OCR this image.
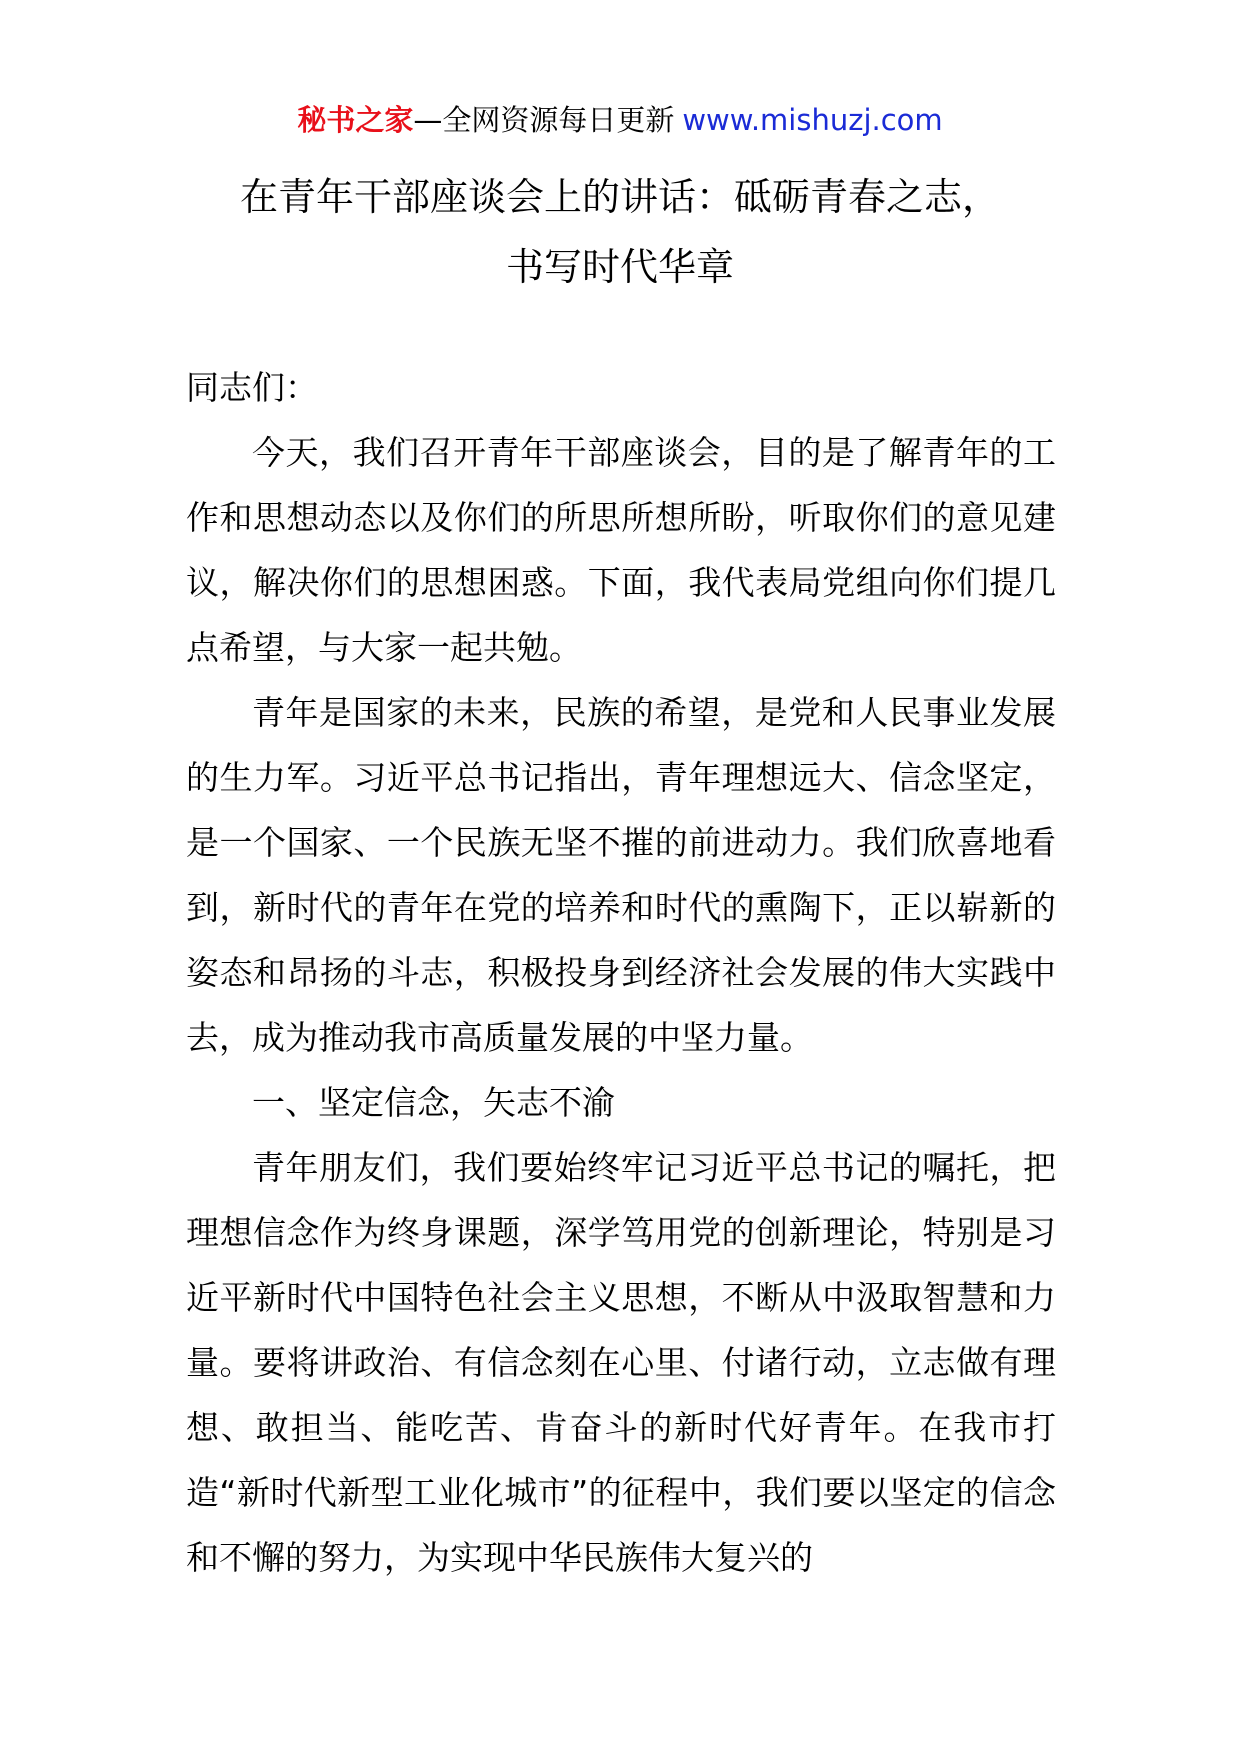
秘书之家—全网资源每日更新 www.mishuzj.com
在青年干部座谈会上的讲话：砥砺青春之志，
书写时代华章

同志们：

今天，我们召开青年干部座谈会，目的是了解青年的工作和思想动态以及你们的所思所想所盼，听取你们的意见建议，解决你们的思想困惑。下面，我代表局党组向你们提几点希望，与大家一起共勉。

青年是国家的未来，民族的希望，是党和人民事业发展的生力军。习近平总书记指出，青年理想远大、信念坚定，是一个国家、一个民族无坚不摧的前进动力。我们欣喜地看到，新时代的青年在党的培养和时代的熏陶下，正以崭新的姿态和昂扬的斗志，积极投身到经济社会发展的伟大实践中去，成为推动我市高质量发展的中坚力量。

一、坚定信念，矢志不渝

青年朋友们，我们要始终牢记习近平总书记的嘱托，把理想信念作为终身课题，深学笃用党的创新理论，特别是习近平新时代中国特色社会主义思想，不断从中汲取智慧和力量。要将讲政治、有信念刻在心里、付诸行动，立志做有理想、敢担当、能吃苦、肯奋斗的新时代好青年。在我市打造“新时代新型工业化城市”的征程中，我们要以坚定的信念和不懈的努力，为实现中华民族伟大复兴的
